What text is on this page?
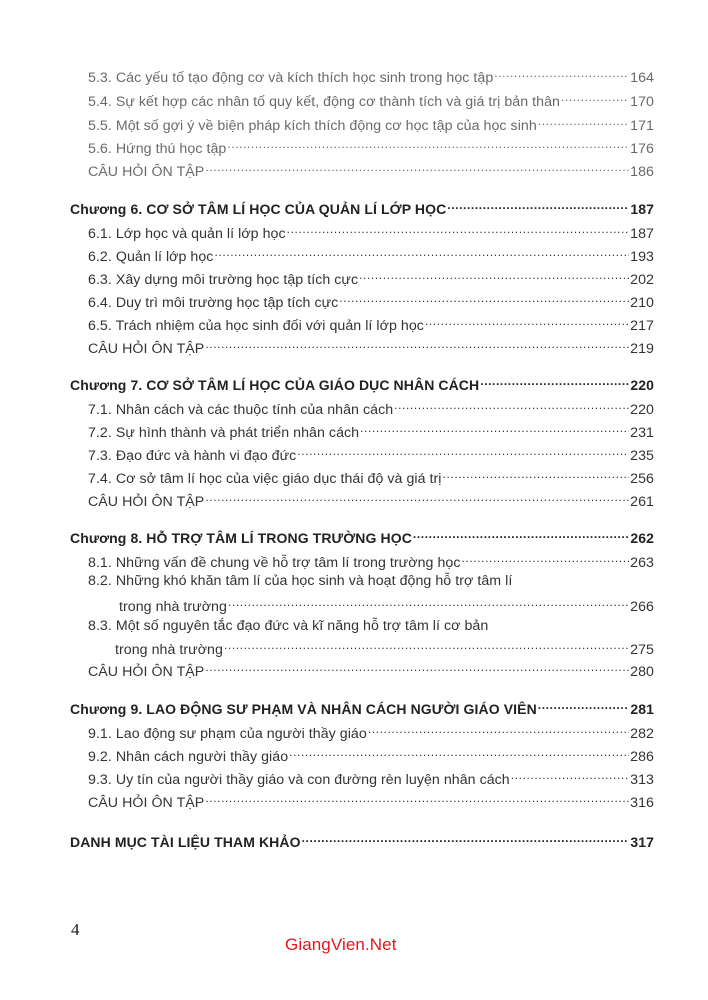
5.3. Các yếu tố tạo động cơ và kích thích học sinh trong học tập .....	164
5.4. Sự kết hợp các nhân tố quy kết, động cơ thành tích và giá trị bản thân .....	170
5.5. Một số gợi ý về biện pháp kích thích động cơ học tập của học sinh .....	171
5.6. Hứng thú học tập .....	176
CÂU HỎI ÔN TẬP .....	186
Chương 6. CƠ SỞ TÂM LÍ HỌC CỦA QUẢN LÍ LỚP HỌC .....	187
6.1. Lớp học và quản lí lớp học .....	187
6.2. Quản lí lớp học .....	193
6.3. Xây dựng môi trường học tập tích cực .....	202
6.4. Duy trì môi trường học tập tích cực .....	210
6.5. Trách nhiệm của học sinh đối với quản lí lớp học .....	217
CÂU HỎI ÔN TẬP .....	219
Chương 7. CƠ SỞ TÂM LÍ HỌC CỦA GIÁO DỤC NHÂN CÁCH .....	220
7.1. Nhân cách và các thuộc tính của nhân cách .....	220
7.2. Sự hình thành và phát triển nhân cách .....	231
7.3. Đạo đức và hành vi đạo đức .....	235
7.4. Cơ sở tâm lí học của việc giáo dục thái độ và giá trị .....	256
CÂU HỎI ÔN TẬP .....	261
Chương 8. HỖ TRỢ TÂM LÍ TRONG TRƯỜNG HỌC .....	262
8.1. Những vấn đề chung về hỗ trợ tâm lí trong trường học .....	263
8.2. Những khó khăn tâm lí của học sinh và hoạt động hỗ trợ tâm lí
trong nhà trường .....	266
8.3. Một số nguyên tắc đạo đức và kĩ năng hỗ trợ tâm lí cơ bản
trong nhà trường .....	275
CÂU HỎI ÔN TẬP .....	280
Chương 9. LAO ĐỘNG SƯ PHẠM VÀ NHÂN CÁCH NGƯỜI GIÁO VIÊN .....	281
9.1. Lao động sư phạm của người thầy giáo .....	282
9.2. Nhân cách người thầy giáo .....	286
9.3. Uy tín của người thầy giáo và con đường rèn luyện nhân cách .....	313
CÂU HỎI ÔN TẬP .....	316
DANH MỤC TÀI LIỆU THAM KHẢO .....	317
4
GiangVien.Net
